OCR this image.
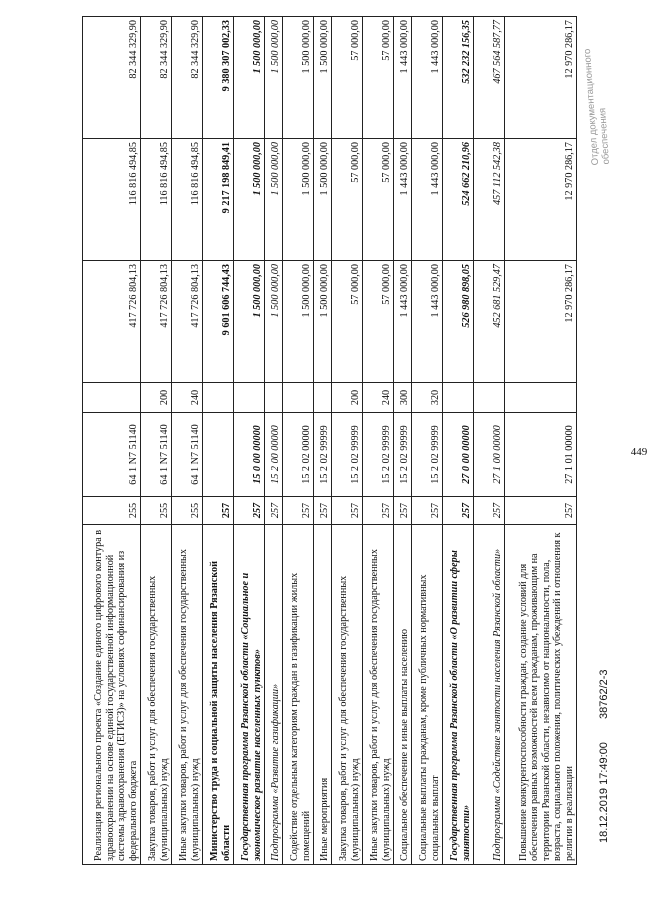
449
Реализация регионального проекта «Создание единого цифрового контура в здравоохранении на основе единой государственной информационной системы здравоохранения (ЕГИСЗ)» на условиях софинансирования из федерального бюджета	255	64 1 N7 51140		417 726 804,13	116 816 494,85	82 344 329,90
Закупка товаров, работ и услуг для обеспечения государственных (муниципальных) нужд	255	64 1 N7 51140	200	417 726 804,13	116 816 494,85	82 344 329,90
Иные закупки товаров, работ и услуг для обеспечения государственных (муниципальных) нужд	255	64 1 N7 51140	240	417 726 804,13	116 816 494,85	82 344 329,90
Министерство труда и социальной защиты населения Рязанской области	257			9 601 606 744,43	9 217 198 849,41	9 380 307 002,33
Государственная программа Рязанской области «Социальное и экономическое развитие населенных пунктов»	257	15 0 00 00000		1 500 000,00	1 500 000,00	1 500 000,00
Подпрограмма «Развитие газификации»	257	15 2 00 00000		1 500 000,00	1 500 000,00	1 500 000,00
Содействие отдельным категориям граждан в газификации жилых помещений	257	15 2 02 00000		1 500 000,00	1 500 000,00	1 500 000,00
Иные мероприятия	257	15 2 02 99999		1 500 000,00	1 500 000,00	1 500 000,00
Закупка товаров, работ и услуг для обеспечения государственных (муниципальных) нужд	257	15 2 02 99999	200	57 000,00	57 000,00	57 000,00
Иные закупки товаров, работ и услуг для обеспечения государственных (муниципальных) нужд	257	15 2 02 99999	240	57 000,00	57 000,00	57 000,00
Социальное обеспечение и иные выплаты населению	257	15 2 02 99999	300	1 443 000,00	1 443 000,00	1 443 000,00
Социальные выплаты гражданам, кроме публичных нормативных социальных выплат	257	15 2 02 99999	320	1 443 000,00	1 443 000,00	1 443 000,00
Государственная программа Рязанской области «О развитии сферы занятости»	257	27 0 00 00000		526 980 898,05	524 662 210,96	532 232 156,35
Подпрограмма «Содействие занятости населения Рязанской области»	257	27 1 00 00000		452 681 529,47	457 112 542,38	467 564 587,77
Повышение конкурентоспособности граждан, создание условий для обеспечения равных возможностей всем гражданам, проживающим на территории Рязанской области, независимо от национальности, пола, возраста, социального положения, политических убеждений и отношения к религии в реализации	257	27 1 01 00000		12 970 286,17	12 970 286,17	12 970 286,17
18.12.2019 17:49:00 38762/2-3
Отдел документационного
обеспечения
